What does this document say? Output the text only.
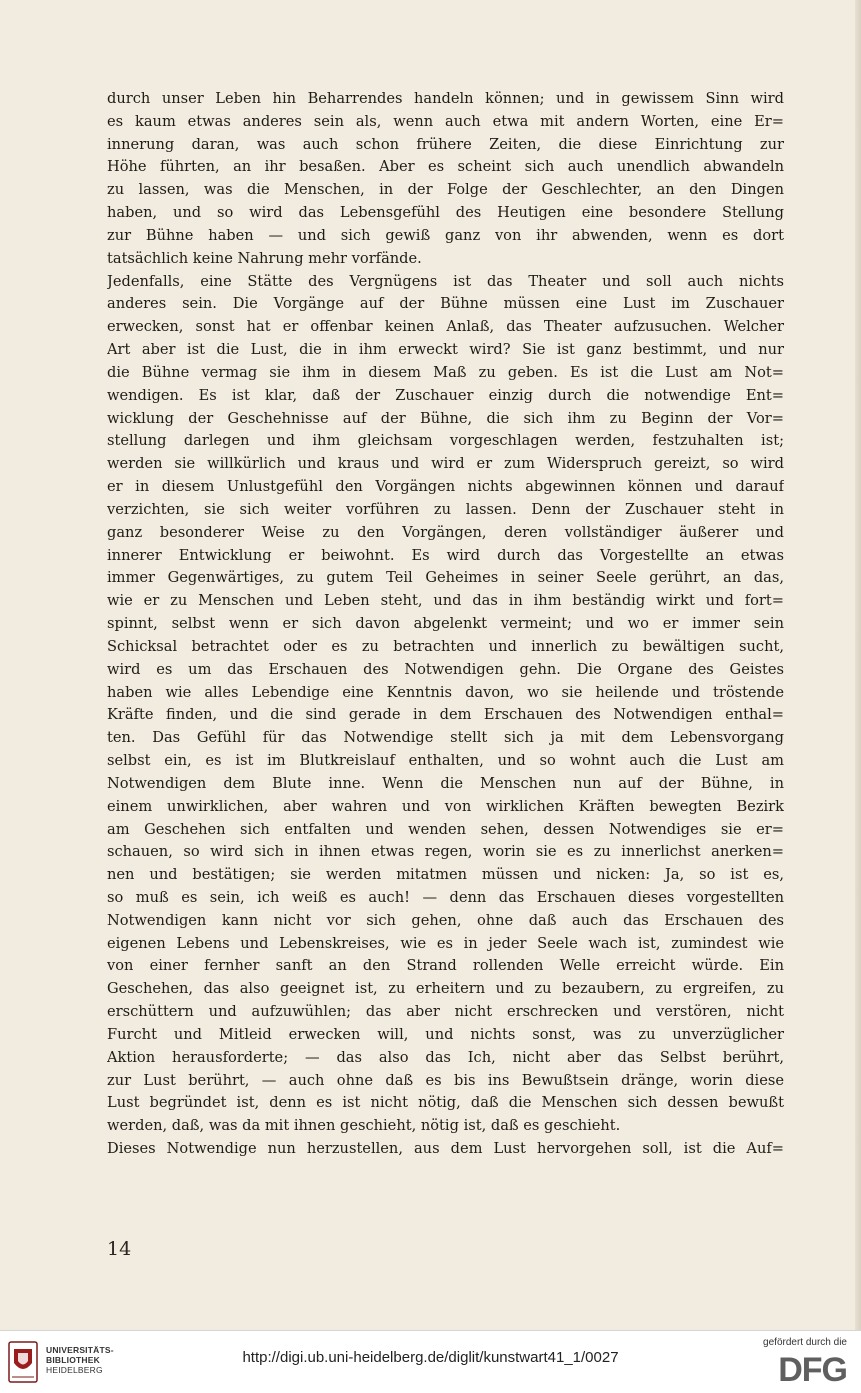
durch unser Leben hin Beharrendes handeln können; und in gewissem Sinn wird
es kaum etwas anderes sein als, wenn auch etwa mit andern Worten, eine Er=
innerung daran, was auch schon frühere Zeiten, die diese Einrichtung zur
Höhe führten, an ihr besaßen. Aber es scheint sich auch unendlich abwandeln
zu lassen, was die Menschen, in der Folge der Geschlechter, an den Dingen
haben, und so wird das Lebensgefühl des Heutigen eine besondere Stellung
zur Bühne haben — und sich gewiß ganz von ihr abwenden, wenn es dort
tatsächlich keine Nahrung mehr vorfände.
Jedenfalls, eine Stätte des Vergnügens ist das Theater und soll auch nichts
anderes sein. Die Vorgänge auf der Bühne müssen eine Lust im Zuschauer
erwecken, sonst hat er offenbar keinen Anlaß, das Theater aufzusuchen. Welcher
Art aber ist die Lust, die in ihm erweckt wird? Sie ist ganz bestimmt, und nur
die Bühne vermag sie ihm in diesem Maß zu geben. Es ist die Lust am Not=
wendigen. Es ist klar, daß der Zuschauer einzig durch die notwendige Ent=
wicklung der Geschehnisse auf der Bühne, die sich ihm zu Beginn der Vor=
stellung darlegen und ihm gleichsam vorgeschlagen werden, festzuhalten ist;
werden sie willkürlich und kraus und wird er zum Widerspruch gereizt, so wird
er in diesem Unlustgefühl den Vorgängen nichts abgewinnen können und darauf
verzichten, sie sich weiter vorführen zu lassen. Denn der Zuschauer steht in
ganz besonderer Weise zu den Vorgängen, deren vollständiger äußerer und
innerer Entwicklung er beiwohnt. Es wird durch das Vorgestellte an etwas
immer Gegenwärtiges, zu gutem Teil Geheimes in seiner Seele gerührt, an das,
wie er zu Menschen und Leben steht, und das in ihm beständig wirkt und fort=
spinnt, selbst wenn er sich davon abgelenkt vermeint; und wo er immer sein
Schicksal betrachtet oder es zu betrachten und innerlich zu bewältigen sucht,
wird es um das Erschauen des Notwendigen gehn. Die Organe des Geistes
haben wie alles Lebendige eine Kenntnis davon, wo sie heilende und tröstende
Kräfte finden, und die sind gerade in dem Erschauen des Notwendigen enthal=
ten. Das Gefühl für das Notwendige stellt sich ja mit dem Lebensvorgang
selbst ein, es ist im Blutkreislauf enthalten, und so wohnt auch die Lust am
Notwendigen dem Blute inne. Wenn die Menschen nun auf der Bühne, in
einem unwirklichen, aber wahren und von wirklichen Kräften bewegten Bezirk
am Geschehen sich entfalten und wenden sehen, dessen Notwendiges sie er=
schauen, so wird sich in ihnen etwas regen, worin sie es zu innerlichst anerken=
nen und bestätigen; sie werden mitatmen müssen und nicken: Ja, so ist es,
so muß es sein, ich weiß es auch! — denn das Erschauen dieses vorgestellten
Notwendigen kann nicht vor sich gehen, ohne daß auch das Erschauen des
eigenen Lebens und Lebenskreises, wie es in jeder Seele wach ist, zumindest wie
von einer fernher sanft an den Strand rollenden Welle erreicht würde. Ein
Geschehen, das also geeignet ist, zu erheitern und zu bezaubern, zu ergreifen, zu
erschüttern und aufzuwühlen; das aber nicht erschrecken und verstören, nicht
Furcht und Mitleid erwecken will, und nichts sonst, was zu unverzüglicher
Aktion herausforderte; — das also das Ich, nicht aber das Selbst berührt,
zur Lust berührt, — auch ohne daß es bis ins Bewußtsein dränge, worin diese
Lust begründet ist, denn es ist nicht nötig, daß die Menschen sich dessen bewußt
werden, daß, was da mit ihnen geschieht, nötig ist, daß es geschieht.
Dieses Notwendige nun herzustellen, aus dem Lust hervorgehen soll, ist die Auf=
14
UNIVERSITÄTS-
BIBLIOTHEK
HEIDELBERG
http://digi.ub.uni-heidelberg.de/diglit/kunstwart41_1/0027
gefördert durch die
DFG
